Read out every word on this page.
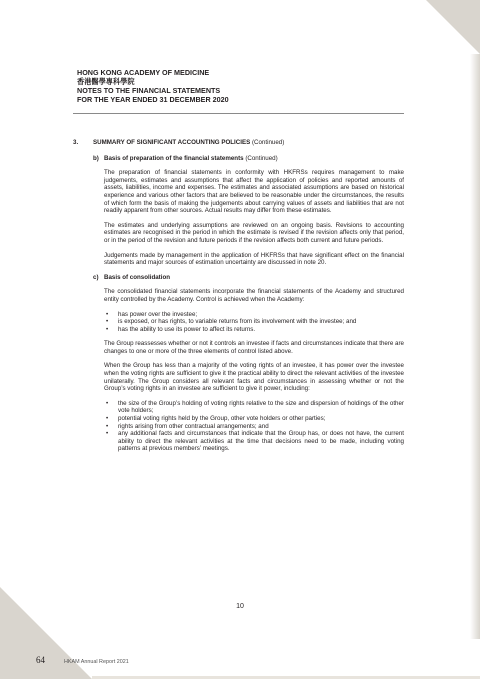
HONG KONG ACADEMY OF MEDICINE
香港醫學專科學院
NOTES TO THE FINANCIAL STATEMENTS
FOR THE YEAR ENDED 31 DECEMBER 2020
3.	SUMMARY OF SIGNIFICANT ACCOUNTING POLICIES (Continued)
b) Basis of preparation of the financial statements (Continued)
The preparation of financial statements in conformity with HKFRSs requires management to make judgements, estimates and assumptions that affect the application of policies and reported amounts of assets, liabilities, income and expenses. The estimates and associated assumptions are based on historical experience and various other factors that are believed to be reasonable under the circumstances, the results of which form the basis of making the judgements about carrying values of assets and liabilities that are not readily apparent from other sources. Actual results may differ from these estimates.
The estimates and underlying assumptions are reviewed on an ongoing basis. Revisions to accounting estimates are recognised in the period in which the estimate is revised if the revision affects only that period, or in the period of the revision and future periods if the revision affects both current and future periods.
Judgements made by management in the application of HKFRSs that have significant effect on the financial statements and major sources of estimation uncertainty are discussed in note 20.
c) Basis of consolidation
The consolidated financial statements incorporate the financial statements of the Academy and structured entity controlled by the Academy. Control is achieved when the Academy:
•	has power over the investee;
•	is exposed, or has rights, to variable returns from its involvement with the investee; and
•	has the ability to use its power to affect its returns.
The Group reassesses whether or not it controls an investee if facts and circumstances indicate that there are changes to one or more of the three elements of control listed above.
When the Group has less than a majority of the voting rights of an investee, it has power over the investee when the voting rights are sufficient to give it the practical ability to direct the relevant activities of the investee unilaterally. The Group considers all relevant facts and circumstances in assessing whether or not the Group’s voting rights in an investee are sufficient to give it power, including:
•	the size of the Group’s holding of voting rights relative to the size and dispersion of holdings of the other vote holders;
•	potential voting rights held by the Group, other vote holders or other parties;
•	rights arising from other contractual arrangements; and
•	any additional facts and circumstances that indicate that the Group has, or does not have, the current ability to direct the relevant activities at the time that decisions need to be made, including voting patterns at previous members’ meetings.
10
64	HKAM Annual Report 2021
